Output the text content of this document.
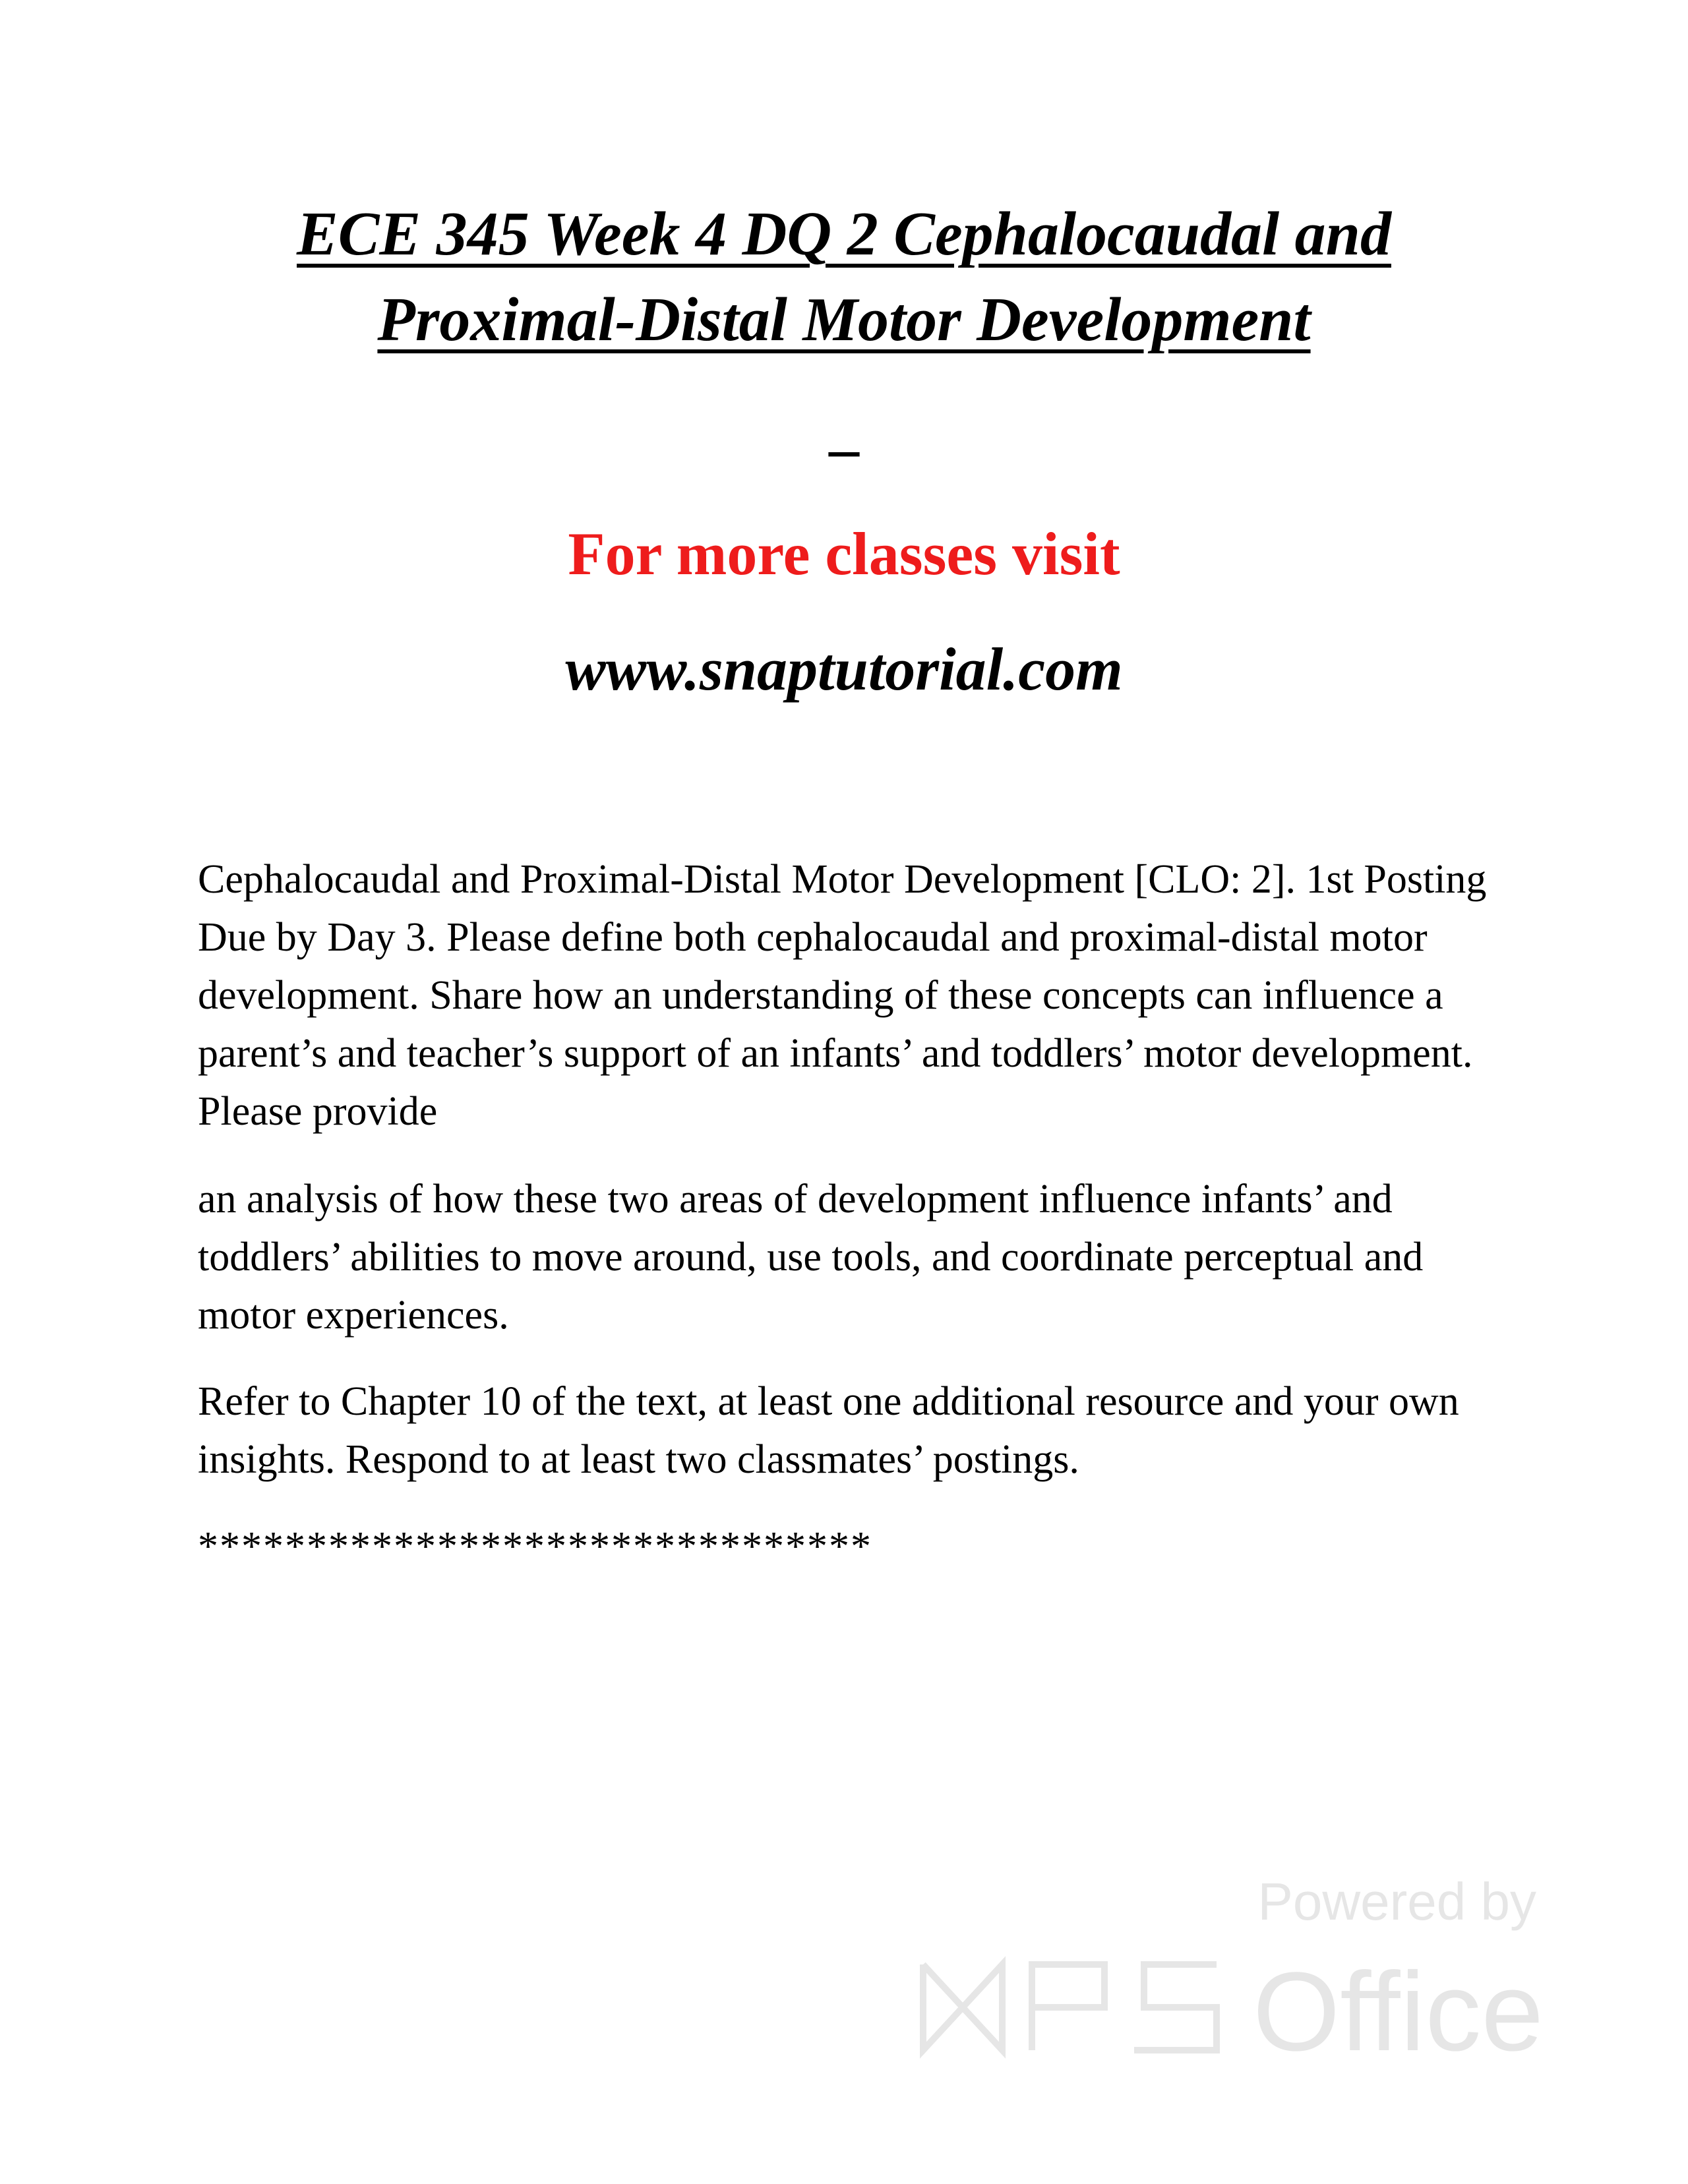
ECE 345 Week 4 DQ 2 Cephalocaudal and
Proximal-Distal Motor Development
–
For more classes visit
www.snaptutorial.com

Cephalocaudal and Proximal-Distal Motor Development [CLO: 2]. 1st Posting Due by Day 3. Please define both cephalocaudal and proximal-distal motor development. Share how an understanding of these concepts can influence a parent’s and teacher’s support of an infants’ and toddlers’ motor development. Please provide

an analysis of how these two areas of development influence infants’ and toddlers’ abilities to move around, use tools, and coordinate perceptual and motor experiences.

Refer to Chapter 10 of the text, at least one additional resource and your own insights. Respond to at least two classmates’ postings.

*******************************
Powered by
Office
